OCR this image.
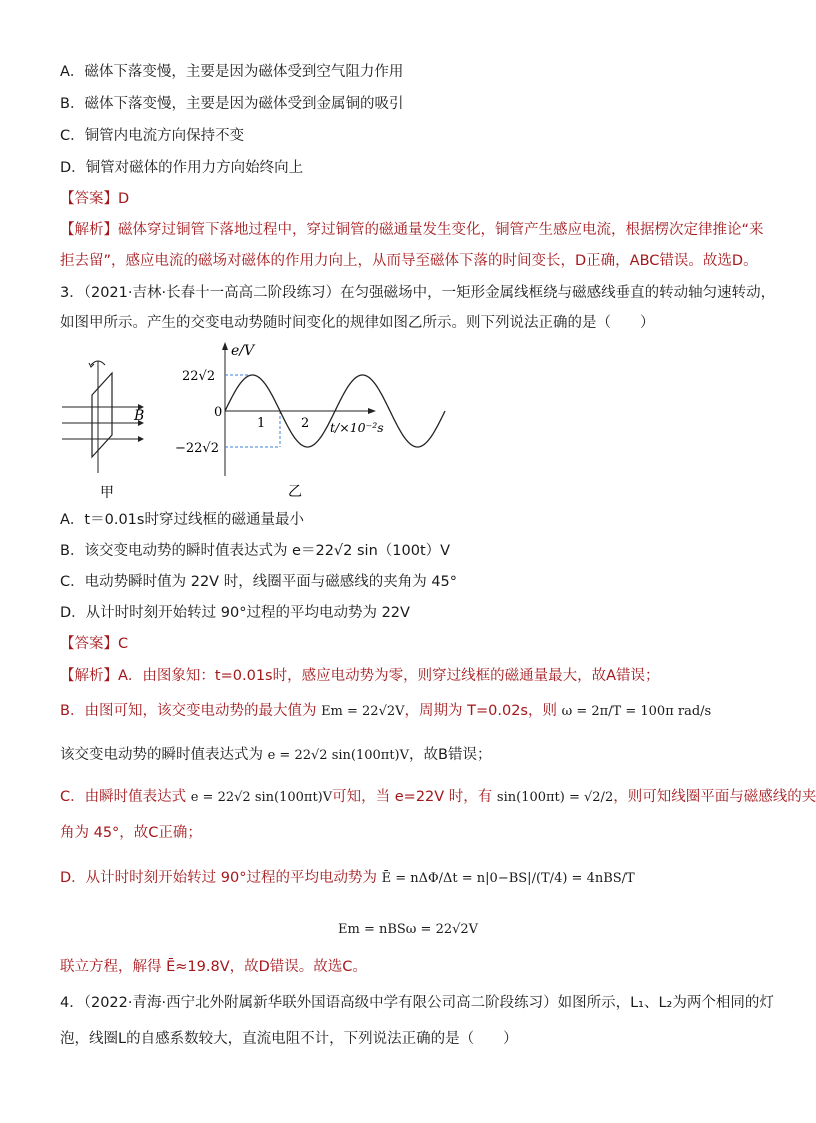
A．磁体下落变慢，主要是因为磁体受到空气阻力作用
B．磁体下落变慢，主要是因为磁体受到金属铜的吸引
C．铜管内电流方向保持不变
D．铜管对磁体的作用力方向始终向上
【答案】D
【解析】磁体穿过铜管下落地过程中，穿过铜管的磁通量发生变化，铜管产生感应电流，根据楞次定律推论“来
拒去留”，感应电流的磁场对磁体的作用力向上，从而导至磁体下落的时间变长，D正确，ABC错误。故选D。
3．（2021·吉林·长春十一高高二阶段练习）在匀强磁场中，一矩形金属线框绕与磁感线垂直的转动轴匀速转动，
如图甲所示。产生的交变电动势随时间变化的规律如图乙所示。则下列说法正确的是（　　）
B
甲
e/V
22√2
0
−22√2
1	2 t/×10⁻²s
乙
A．t＝0.01s时穿过线框的磁通量最小
B．该交变电动势的瞬时值表达式为 e＝22√2 sin（100t）V
C．电动势瞬时值为 22V 时，线圈平面与磁感线的夹角为 45°
D．从计时时刻开始转过 90°过程的平均电动势为 22V
【答案】C
【解析】A．由图象知：t=0.01s时，感应电动势为零，则穿过线框的磁通量最大，故A错误；
B．由图可知，该交变电动势的最大值为 Em = 22√2V，周期为 T=0.02s，则 ω = 2π/T = 100π rad/s
该交变电动势的瞬时值表达式为 e = 22√2 sin(100πt)V，故B错误；
C．由瞬时值表达式 e = 22√2 sin(100πt)V可知，当 e=22V 时，有 sin(100πt) = √2/2，则可知线圈平面与磁感线的夹
角为 45°，故C正确；
D．从计时时刻开始转过 90°过程的平均电动势为 Ē = nΔΦ/Δt = n|0−BS|/(T/4) = 4nBS/T
Em = nBSω = 22√2V
联立方程，解得 Ē≈19.8V，故D错误。故选C。
4．（2022·青海·西宁北外附属新华联外国语高级中学有限公司高二阶段练习）如图所示，L₁、L₂为两个相同的灯
泡，线圈L的自感系数较大，直流电阻不计，下列说法正确的是（　　）
